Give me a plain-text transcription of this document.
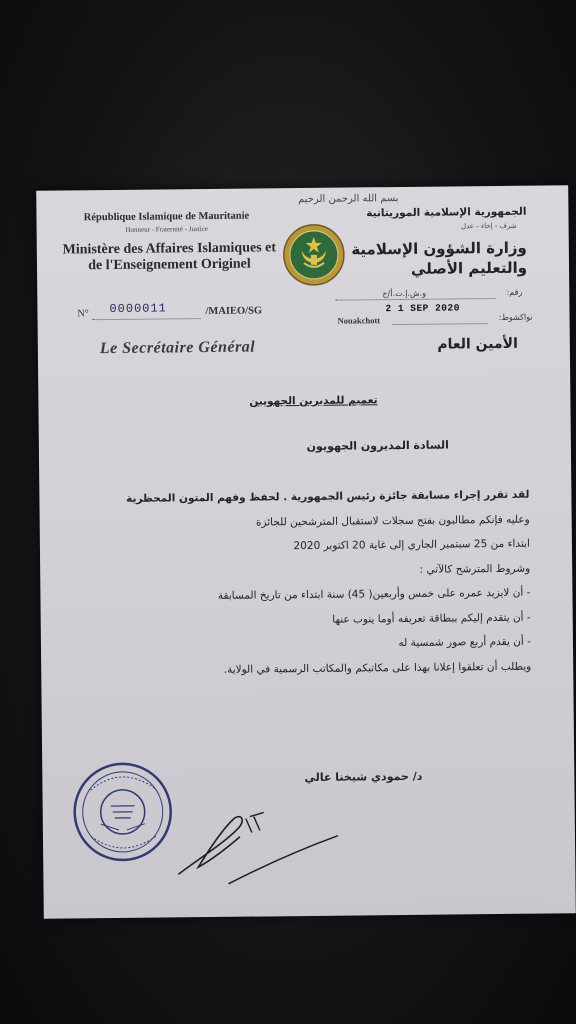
بسم الله الرحمن الرحيم
République Islamique de Mauritanie
Honneur - Fraternité - Justice
Ministère des Affaires Islamiques et de l'Enseignement Originel
الجمهورية الإسلامية الموريتانية
شرف - إخاء - عدل
وزارة الشؤون الإسلامية والتعليم الأصلي
N° 0000011	/MAIEO/SG
رقم:
و.ش.إ.ت.أ/ح
2 1 SEP 2020
Nouakchott	نواكشوط:
Le Secrétaire Général	الأمين العام
تعميم للمديرين الجهويين
السادة المديرون الجهويون
لقد تقرر إجراء مسابقة جائزة رئيس الجمهورية . لحفظ وفهم المتون المحظرية
وعليه فإنكم مطالبون بفتح سجلات لاستقبال المترشحين للجائزة
ابتداء من 25 سبتمبر الجاري إلى غاية 20 اكتوبر 2020
وشروط المترشح كالآتي :
- أن لايزيد عمره على خمس وأربعين( 45) سنة ابتداء من تاريخ المسابقة
- أن يتقدم إليكم ببطاقة تعريفه أوما ينوب عنها
- أن يقدم أربع صور شمسية له
ويطلب أن تعلقوا إعلانا بهذا على مكاتبكم والمكاتب الرسمية في الولاية.
د/ حمودي شيخنا عالي
